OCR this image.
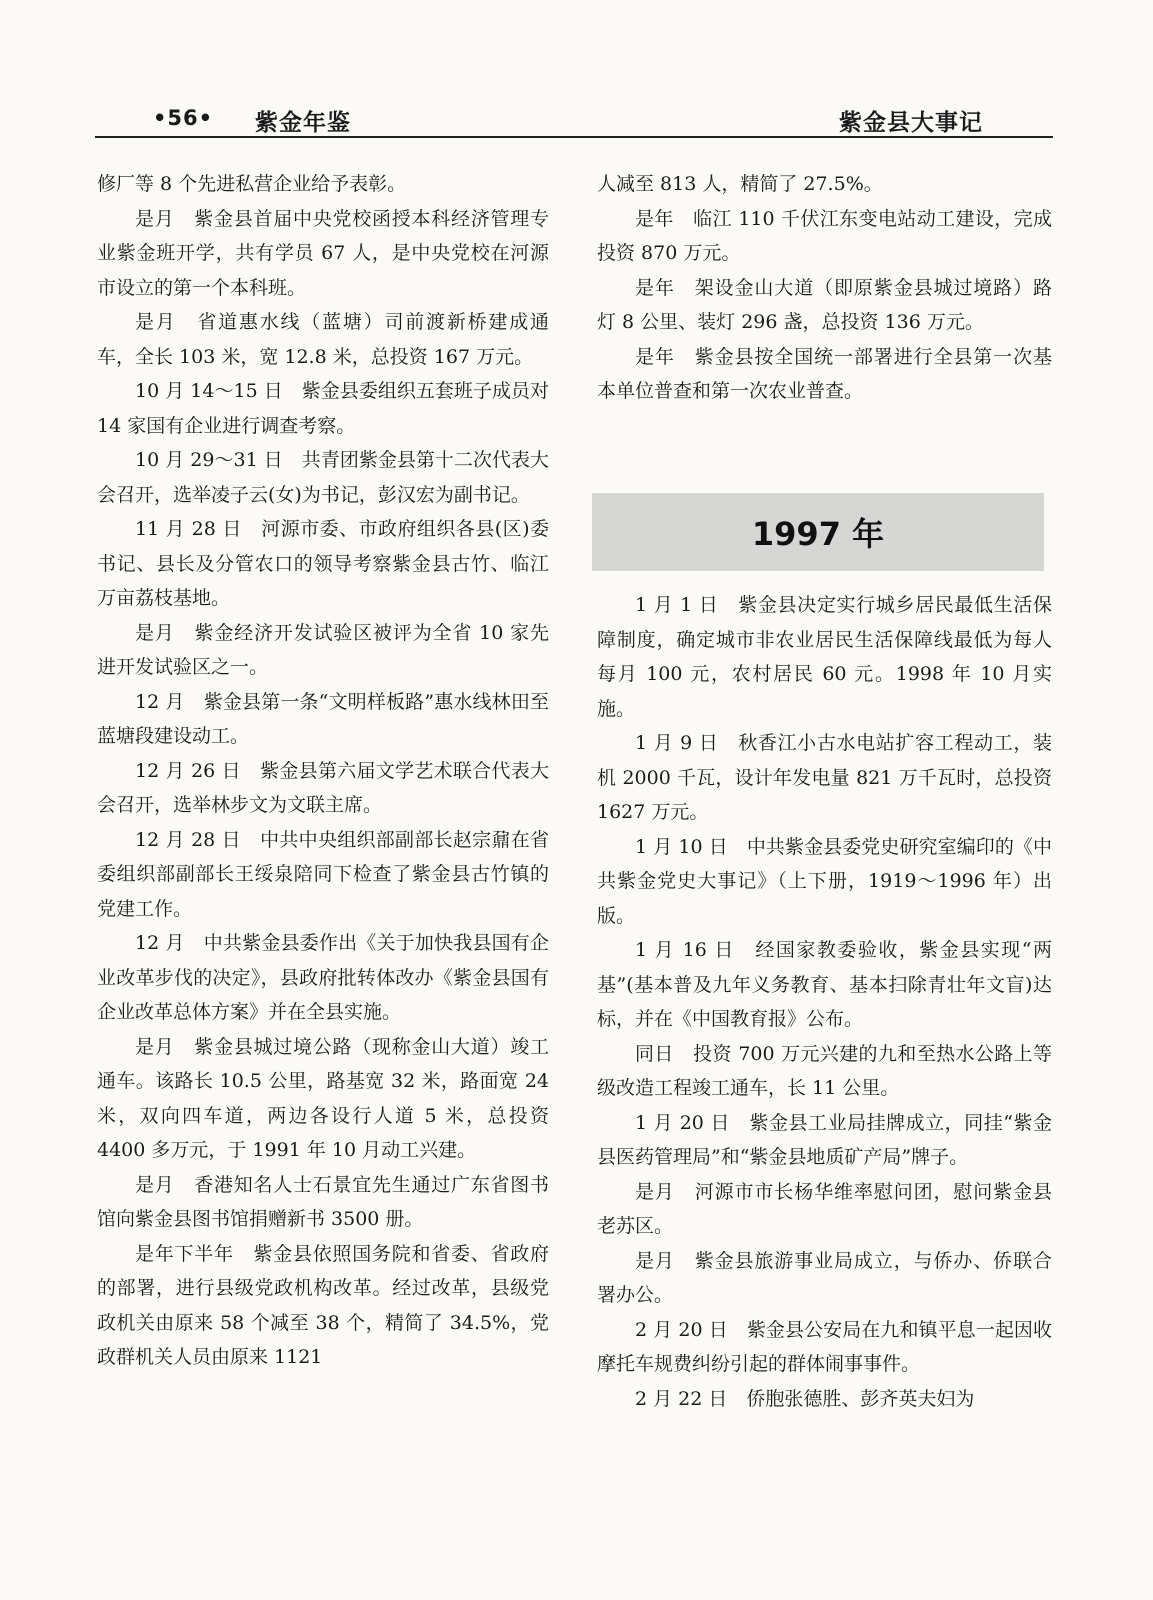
•56• 紫金年鉴	紫金县大事记

修厂等 8 个先进私营企业给予表彰。

是月　紫金县首届中央党校函授本科经济管理专业紫金班开学，共有学员 67 人，是中央党校在河源市设立的第一个本科班。

是月　省道惠水线（蓝塘）司前渡新桥建成通车，全长 103 米，宽 12.8 米，总投资 167 万元。

10 月 14～15 日　紫金县委组织五套班子成员对 14 家国有企业进行调查考察。

10 月 29～31 日　共青团紫金县第十二次代表大会召开，选举凌子云(女)为书记，彭汉宏为副书记。

11 月 28 日　河源市委、市政府组织各县(区)委书记、县长及分管农口的领导考察紫金县古竹、临江万亩荔枝基地。

是月　紫金经济开发试验区被评为全省 10 家先进开发试验区之一。

12 月　紫金县第一条“文明样板路”惠水线林田至蓝塘段建设动工。

12 月 26 日　紫金县第六届文学艺术联合代表大会召开，选举林步文为文联主席。

12 月 28 日　中共中央组织部副部长赵宗鼐在省委组织部副部长王绥泉陪同下检查了紫金县古竹镇的党建工作。

12 月　中共紫金县委作出《关于加快我县国有企业改革步伐的决定》，县政府批转体改办《紫金县国有企业改革总体方案》并在全县实施。

是月　紫金县城过境公路（现称金山大道）竣工通车。该路长 10.5 公里，路基宽 32 米，路面宽 24 米，双向四车道，两边各设行人道 5 米，总投资 4400 多万元，于 1991 年 10 月动工兴建。

是月　香港知名人士石景宜先生通过广东省图书馆向紫金县图书馆捐赠新书 3500 册。

是年下半年　紫金县依照国务院和省委、省政府的部署，进行县级党政机构改革。经过改革，县级党政机关由原来 58 个减至 38 个，精简了 34.5%，党政群机关人员由原来 1121

人减至 813 人，精简了 27.5%。

是年　临江 110 千伏江东变电站动工建设，完成投资 870 万元。

是年　架设金山大道（即原紫金县城过境路）路灯 8 公里、装灯 296 盏，总投资 136 万元。

是年　紫金县按全国统一部署进行全县第一次基本单位普查和第一次农业普查。

1997 年

1 月 1 日　紫金县决定实行城乡居民最低生活保障制度，确定城市非农业居民生活保障线最低为每人每月 100 元，农村居民 60 元。1998 年 10 月实施。

1 月 9 日　秋香江小古水电站扩容工程动工，装机 2000 千瓦，设计年发电量 821 万千瓦时，总投资 1627 万元。

1 月 10 日　中共紫金县委党史研究室编印的《中共紫金党史大事记》（上下册，1919～1996 年）出版。

1 月 16 日　经国家教委验收，紫金县实现“两基”(基本普及九年义务教育、基本扫除青壮年文盲)达标，并在《中国教育报》公布。

同日　投资 700 万元兴建的九和至热水公路上等级改造工程竣工通车，长 11 公里。

1 月 20 日　紫金县工业局挂牌成立，同挂“紫金县医药管理局”和“紫金县地质矿产局”牌子。

是月　河源市市长杨华维率慰问团，慰问紫金县老苏区。

是月　紫金县旅游事业局成立，与侨办、侨联合署办公。

2 月 20 日　紫金县公安局在九和镇平息一起因收摩托车规费纠纷引起的群体闹事事件。

2 月 22 日　侨胞张德胜、彭齐英夫妇为
